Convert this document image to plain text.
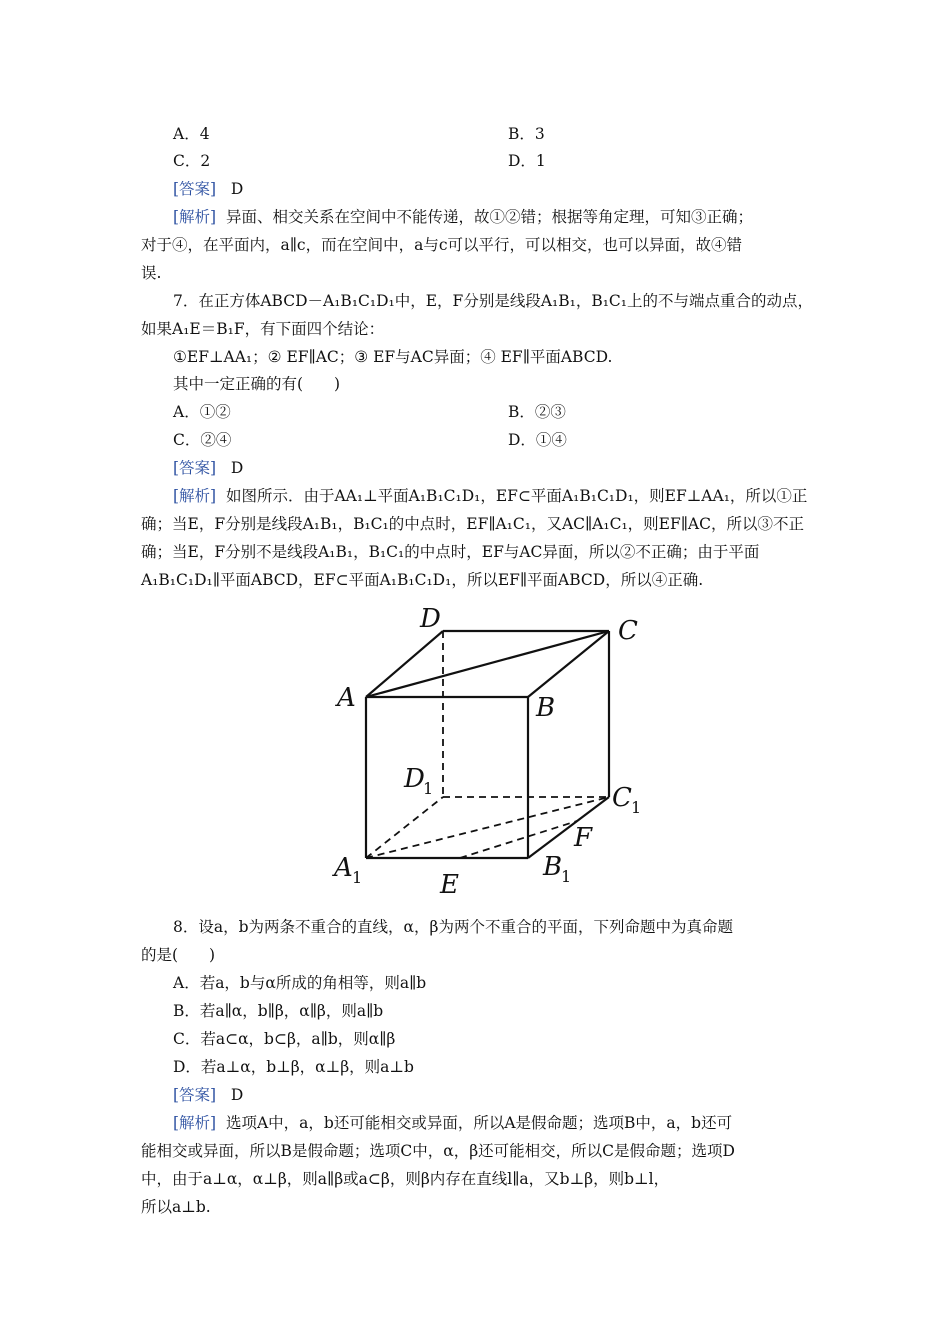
A．4	B．3
C．2	D．1
[答案] D
[解析] 异面、相交关系在空间中不能传递，故①②错；根据等角定理，可知③正确；
对于④，在平面内，a∥c，而在空间中，a与c可以平行，可以相交，也可以异面，故④错
误.
7．在正方体ABCD－A₁B₁C₁D₁中，E，F分别是线段A₁B₁，B₁C₁上的不与端点重合的动点，
如果A₁E＝B₁F，有下面四个结论：
①EF⊥AA₁；② EF∥AC；③ EF与AC异面；④ EF∥平面ABCD.
其中一定正确的有(　　)
A．①②	B．②③
C．②④	D．①④
[答案] D
[解析] 如图所示．由于AA₁⊥平面A₁B₁C₁D₁，EF⊂平面A₁B₁C₁D₁，则EF⊥AA₁，所以①正
确；当E，F分别是线段A₁B₁，B₁C₁的中点时，EF∥A₁C₁，又AC∥A₁C₁，则EF∥AC，所以③不正
确；当E，F分别不是线段A₁B₁，B₁C₁的中点时，EF与AC异面，所以②不正确；由于平面
A₁B₁C₁D₁∥平面ABCD，EF⊂平面A₁B₁C₁D₁，所以EF∥平面ABCD，所以④正确.
D	C
A	B
D
1	C 1
F
A 1	B
1
E
8．设a，b为两条不重合的直线，α，β为两个不重合的平面，下列命题中为真命题
的是(　　)
A．若a，b与α所成的角相等，则a∥b
B．若a∥α，b∥β，α∥β，则a∥b
C．若a⊂α，b⊂β，a∥b，则α∥β
D．若a⊥α，b⊥β，α⊥β，则a⊥b
[答案] D
[解析] 选项A中，a，b还可能相交或异面，所以A是假命题；选项B中，a，b还可
能相交或异面，所以B是假命题；选项C中，α，β还可能相交，所以C是假命题；选项D
中，由于a⊥α，α⊥β，则a∥β或a⊂β，则β内存在直线l∥a，又b⊥β，则b⊥l，
所以a⊥b.
